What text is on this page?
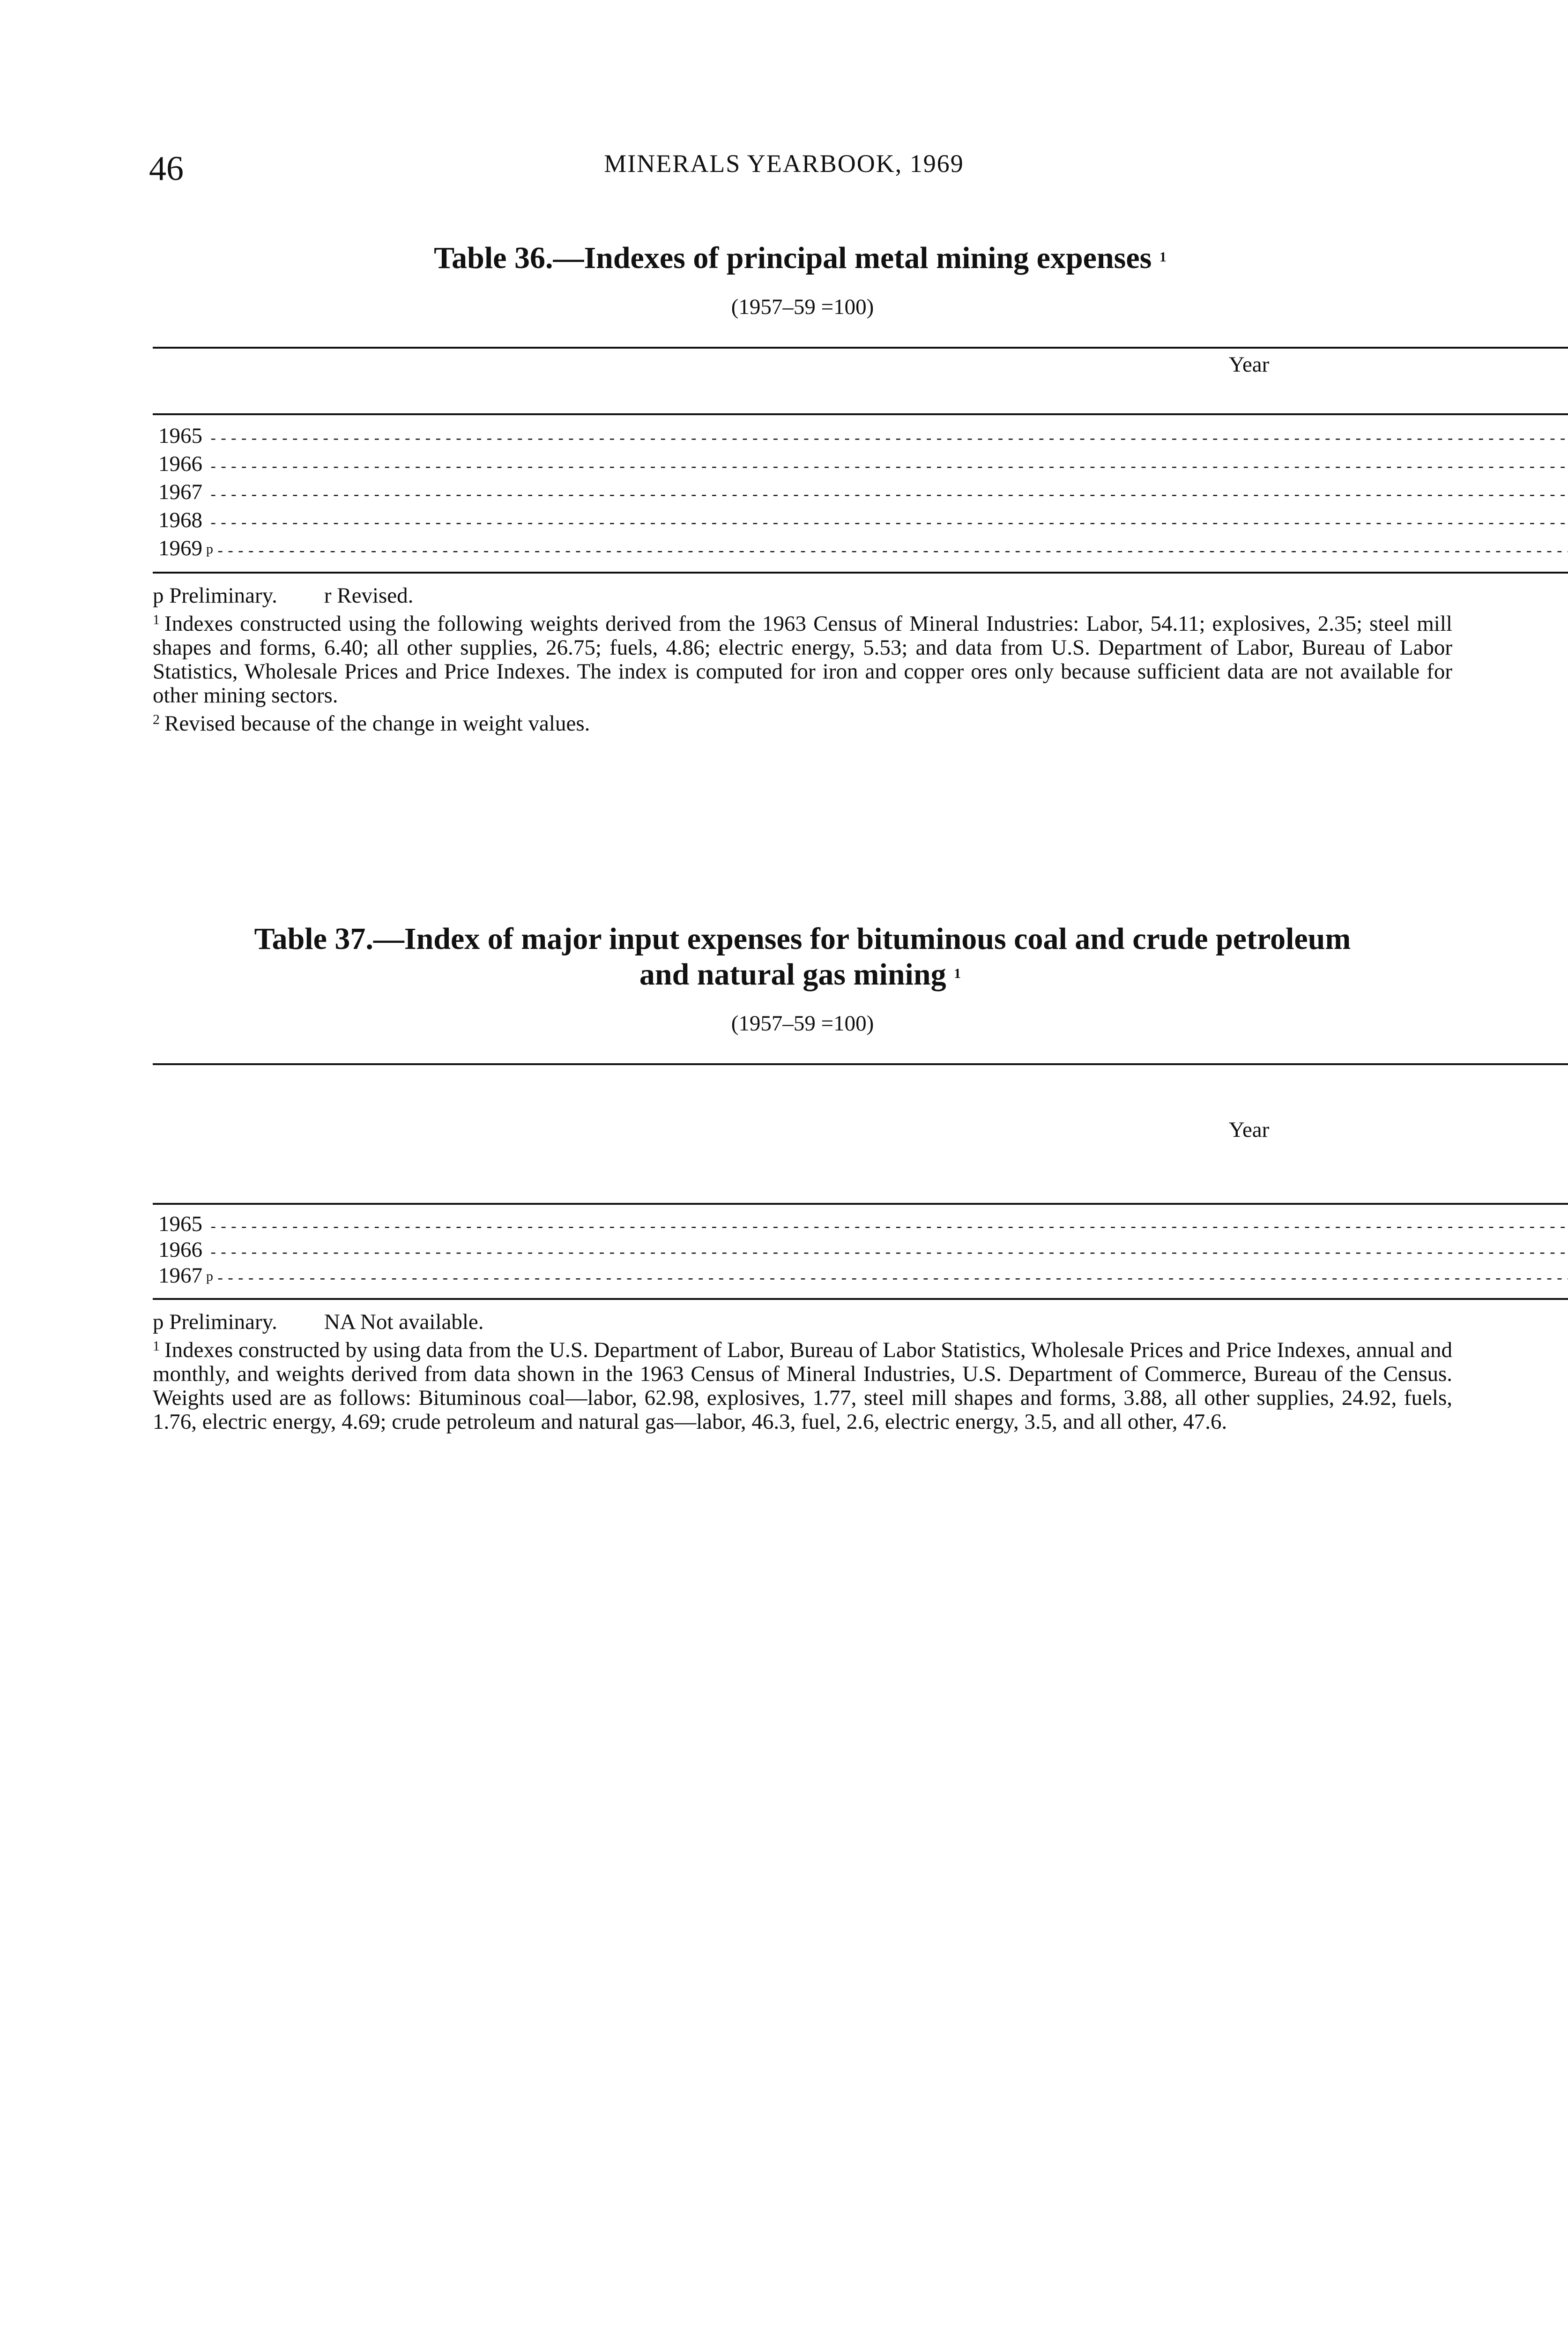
46	MINERALS YEARBOOK, 1969
Table 36.—Indexes of principal metal mining expenses $^1$
(1957–59 =100)
Year					
1965 - - -					
1966 - - -					
1967 - - -					
1968 - - -					
1969 p - - -					

p Preliminary. r Revised.

$^1$ Indexes constructed using the following weights derived from the 1963 Census of Mineral Industries: Labor, 54.11; explosives, 2.35; steel mill shapes and forms, 6.40; all other supplies, 26.75; fuels, 4.86; electric energy, 5.53; and data from U.S. Department of Labor, Bureau of Labor Statistics, Wholesale Prices and Price Indexes. The index is computed for iron and copper ores only because sufficient data are not available for other mining sectors.

$^2$ Revised because of the change in weight values.

Table 37.—Index of major input expenses for bituminous coal and crude petroleum
and natural gas mining $^1$
(1957–59 =100)
Year	

1965 - - -					
1966 - - -					
1967 p - - -					

p Preliminary. NA Not available.

$^1$ Indexes constructed by using data from the U.S. Department of Labor, Bureau of Labor Statistics, Wholesale Prices and Price Indexes, annual and monthly, and weights derived from data shown in the 1963 Census of Mineral Industries, U.S. Department of Commerce, Bureau of the Census. Weights used are as follows: Bituminous coal—labor, 62.98, explosives, 1.77, steel mill shapes and forms, 3.88, all other supplies, 24.92, fuels, 1.76, electric energy, 4.69; crude petroleum and natural gas—labor, 46.3, fuel, 2.6, electric energy, 3.5, and all other, 47.6.
